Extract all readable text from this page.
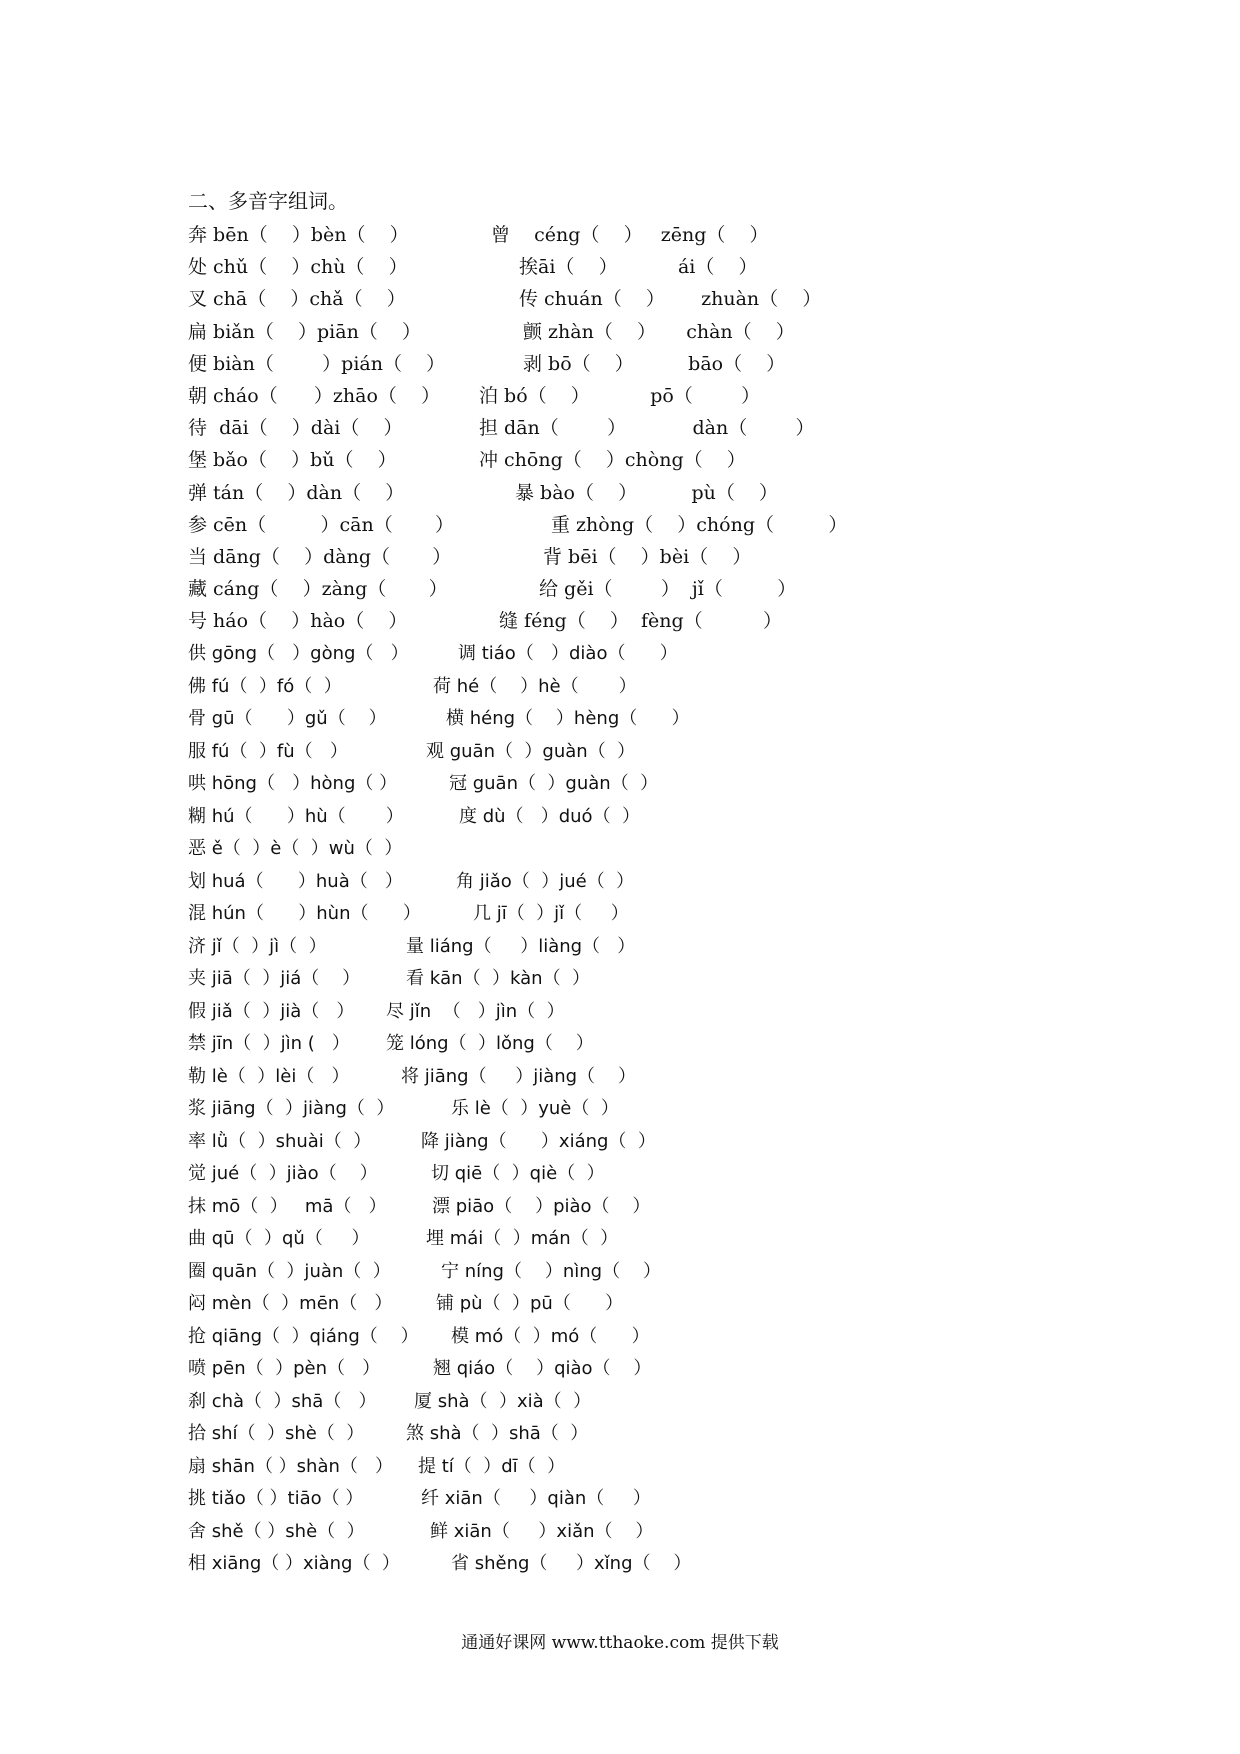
二、多音字组词。
奔 bēn（    ）bèn（    ）	曾    céng（    ）   zēng（    ）
处 chǔ（    ）chù（    ）	挨āi（    ）          ái（    ）
叉 chā（    ）chǎ（    ）	传 chuán（    ）      zhuàn（    ）
扁 biǎn（    ）piān（    ）	颤 zhàn（    ）     chàn（    ）
便 biàn（        ）pián（    ）	剥 bō（    ）         bāo（    ）
朝 cháo（      ）zhāo（    ） 泊 bó（    ）          pō（        ）
待  dāi（    ）dài（    ）	担 dān（        ）           dàn（        ）
堡 bǎo（    ）bǔ（    ）	冲 chōng（    ）chòng（    ）
弹 tán（    ）dàn（    ）	暴 bào（    ）         pù（    ）
参 cēn（         ）cān（       ）	重 zhòng（    ）chóng（         ）
当 dāng（    ）dàng（       ）	背 bēi（    ）bèi（    ）
藏 cáng（    ）zàng（       ）	给 gěi（        ）  jǐ（         ）
号 háo（    ）hào（    ）	缝 féng（    ）  fèng（          ）
供 gōng（   ）gòng（   ）	调 tiáo（   ）diào（      ）
佛 fú（  ）fó（  ）	荷 hé（    ）hè（       ）
骨 gū（      ）gǔ（    ）	横 héng（    ）hèng（      ）
服 fú（  ）fù（   ）	观 guān（  ）guàn（  ）
哄 hōng（   ）hòng（ ）	冠 guān（  ）guàn（  ）
糊 hú（      ）hù（       ）	度 dù（   ）duó（  ）
恶 ě（  ）è（  ）wù（  ）
划 huá（      ）huà（   ）	角 jiǎo（  ）jué（  ）
混 hún（      ）hùn（      ）	几 jī（  ）jǐ（     ）
济 jǐ（  ）jì（  ）	量 liáng（     ）liàng（   ）
夹 jiā（  ）jiá（    ）	看 kān（  ）kàn（  ）
假 jiǎ（  ）jià（   ） 尽 jǐn  （   ）jìn（  ）
禁 jīn（  ）jìn (   ） 笼 lóng（  ）lǒng（    ）
勒 lè（  ）lèi（   ）	将 jiāng（     ）jiàng（    ）
浆 jiāng（  ）jiàng（  ）	乐 lè（  ）yuè（  ）
率 lǜ（  ）shuài（  ）	降 jiàng（      ）xiáng（  ）
觉 jué（  ）jiào（    ）	切 qiē（  ）qiè（  ）
抹 mō（  ）   mā（   ）	漂 piāo（    ）piào（    ）
曲 qū（  ）qǔ（     ）	埋 mái（  ）mán（  ）
圈 quān（  ）juàn（  ）	宁 níng（    ）nìng（    ）
闷 mèn（  ）mēn（   ） 铺 pù（  ）pū（      ）
抢 qiāng（  ）qiáng（    ） 模 mó（  ）mó（      ）
喷 pēn（  ）pèn（   ）	翘 qiáo（    ）qiào（    ）
刹 chà（  ）shā（   ） 厦 shà（  ）xià（  ）
拾 shí（  ）shè（  ） 煞 shà（  ）shā（  ）
扇 shān（ ）shàn（   ） 提 tí（  ）dī（  ）
挑 tiǎo（ ）tiāo（ ）	纤 xiān（     ）qiàn（     ）
舍 shě（ ）shè（  ）	鲜 xiān（     ）xiǎn（    ）
相 xiāng（ ）xiàng（  ）	省 shěng（     ）xǐng（    ）
通通好课网 www.tthaoke.com 提供下载
